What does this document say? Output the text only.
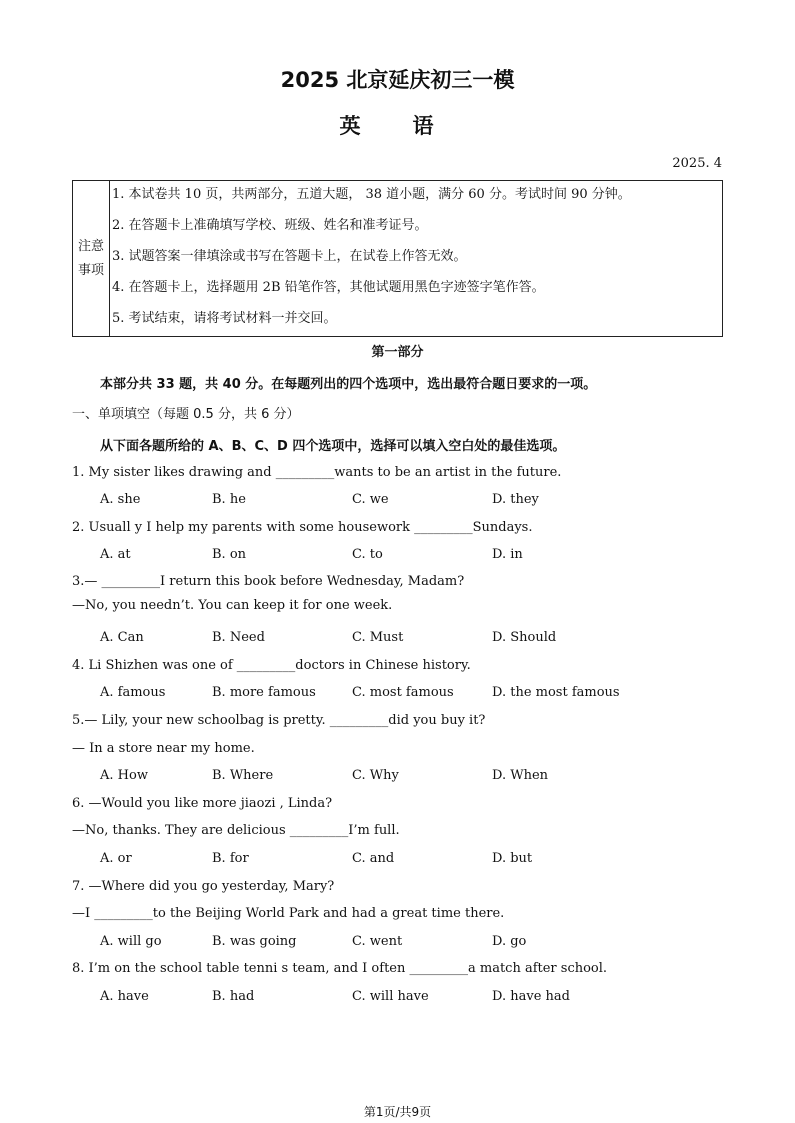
2025 北京延庆初三一模
英语
2025. 4
注意事项
1. 本试卷共 10 页，共两部分，五道大题， 38 道小题，满分 60 分。考试时间 90 分钟。
2. 在答题卡上准确填写学校、班级、姓名和准考证号。
3. 试题答案一律填涂或书写在答题卡上，在试卷上作答无效。
4. 在答题卡上，选择题用 2B 铅笔作答，其他试题用黑色字迹签字笔作答。
5. 考试结束，请将考试材料一并交回。
第一部分
本部分共 33 题，共 40 分。在每题列出的四个选项中，选出最符合题日要求的一项。
一、单项填空（每题 0.5 分，共 6 分）
从下面各题所给的 A、B、C、D 四个选项中，选择可以填入空白处的最佳选项。
1. My sister likes drawing and _________wants to be an artist in the future.
A. she	B. he	C. we	D. they
2. Usuall y I help my parents with some housework _________Sundays.
A. at	B. on	C. to	D. in
3.— _________I return this book before Wednesday, Madam?
—No, you needn’t. You can keep it for one week.
A. Can	B. Need	C. Must	D. Should
4. Li Shizhen was one of _________doctors in Chinese history.
A. famous	B. more famous	C. most famous	D. the most famous
5.— Lily, your new schoolbag is pretty. _________did you buy it?
— In a store near my home.
A. How	B. Where	C. Why	D. When
6. —Would you like more jiaozi , Linda?
—No, thanks. They are delicious _________I’m full.
A. or	B. for	C. and	D. but
7. —Where did you go yesterday, Mary?
—I _________to the Beijing World Park and had a great time there.
A. will go	B. was going	C. went	D. go
8. I’m on the school table tenni s team, and I often _________a match after school.
A. have	B. had	C. will have	D. have had
第1页/共9页
